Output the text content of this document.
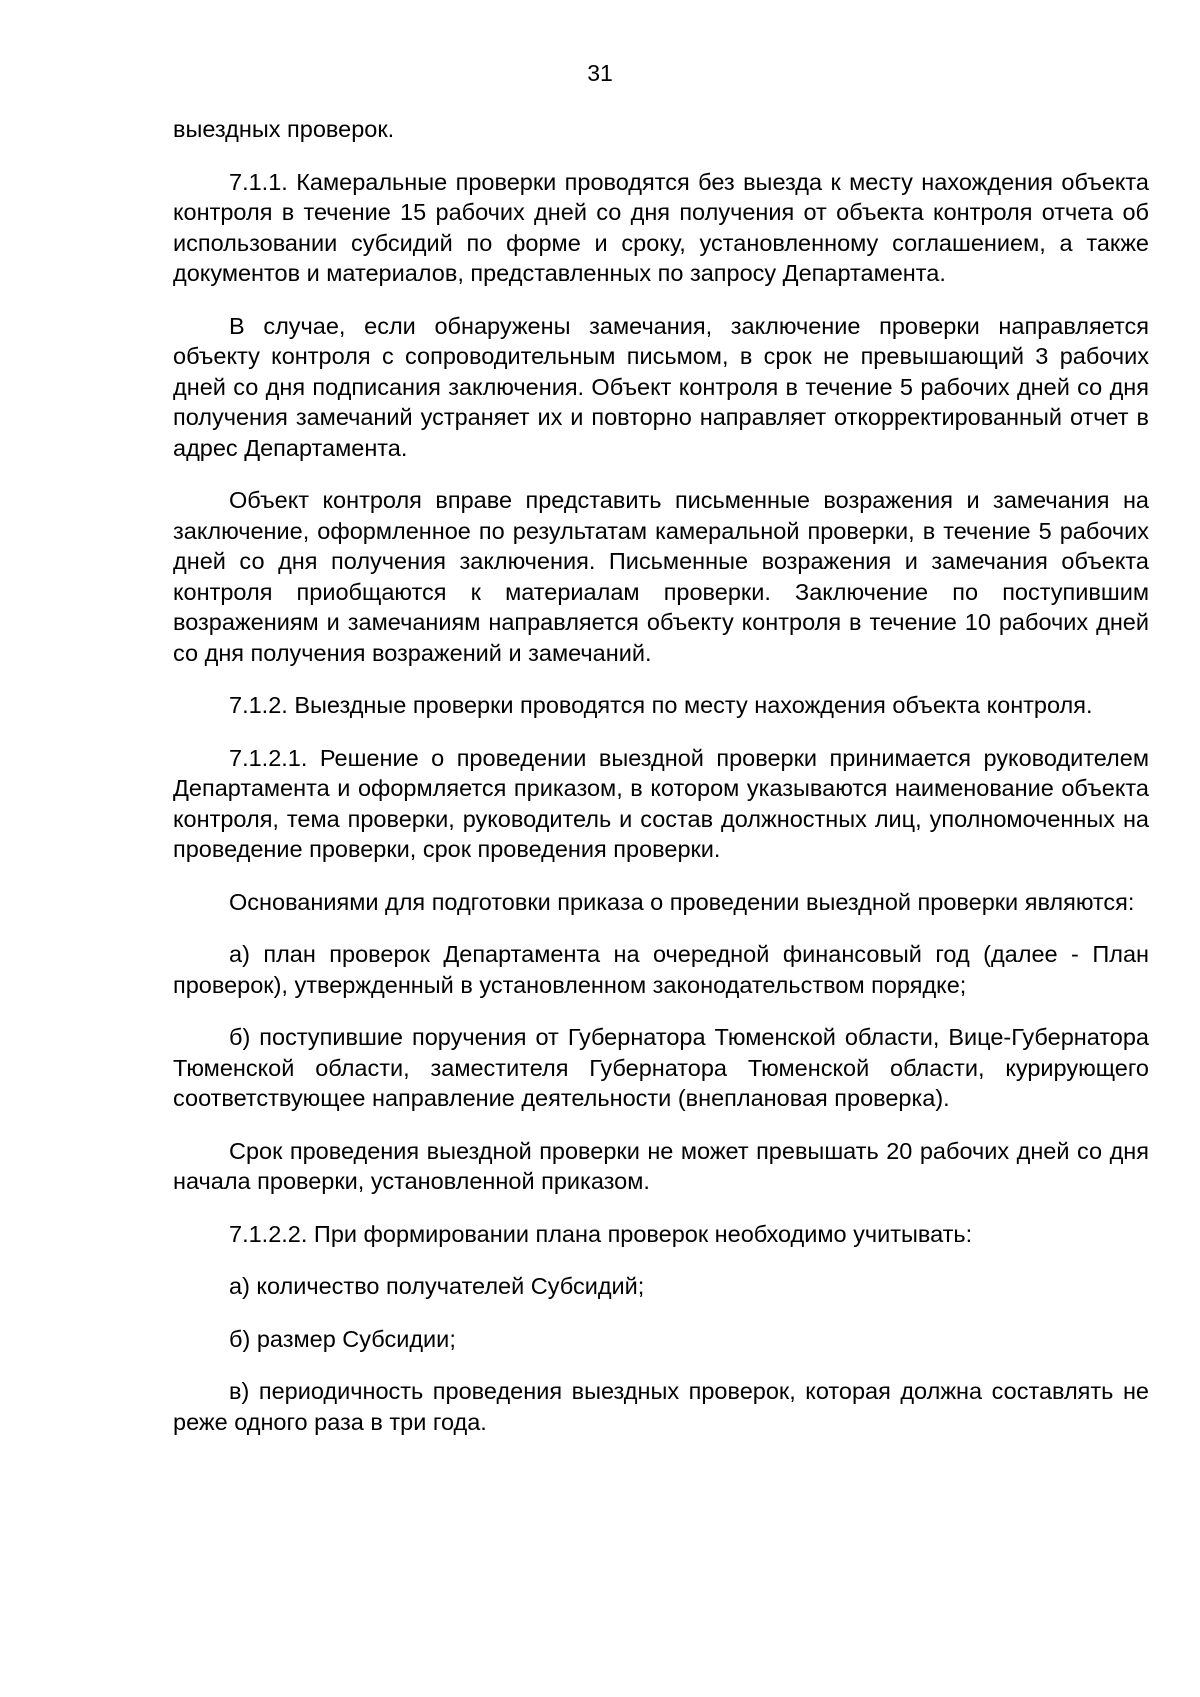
31

выездных проверок.

7.1.1. Камеральные проверки проводятся без выезда к месту нахождения объекта контроля в течение 15 рабочих дней со дня получения от объекта контроля отчета об использовании субсидий по форме и сроку, установленному соглашением, а также документов и материалов, представленных по запросу Департамента.

В случае, если обнаружены замечания, заключение проверки направляется объекту контроля с сопроводительным письмом, в срок не превышающий 3 рабочих дней со дня подписания заключения. Объект контроля в течение 5 рабочих дней со дня получения замечаний устраняет их и повторно направляет откорректированный отчет в адрес Департамента.

Объект контроля вправе представить письменные возражения и замечания на заключение, оформленное по результатам камеральной проверки, в течение 5 рабочих дней со дня получения заключения. Письменные возражения и замечания объекта контроля приобщаются к материалам проверки. Заключение по поступившим возражениям и замечаниям направляется объекту контроля в течение 10 рабочих дней со дня получения возражений и замечаний.

7.1.2. Выездные проверки проводятся по месту нахождения объекта контроля.

7.1.2.1. Решение о проведении выездной проверки принимается руководителем Департамента и оформляется приказом, в котором указываются наименование объекта контроля, тема проверки, руководитель и состав должностных лиц, уполномоченных на проведение проверки, срок проведения проверки.

Основаниями для подготовки приказа о проведении выездной проверки являются:

а) план проверок Департамента на очередной финансовый год (далее - План проверок), утвержденный в установленном законодательством порядке;

б) поступившие поручения от Губернатора Тюменской области, Вице-Губернатора Тюменской области, заместителя Губернатора Тюменской области, курирующего соответствующее направление деятельности (внеплановая проверка).

Срок проведения выездной проверки не может превышать 20 рабочих дней со дня начала проверки, установленной приказом.

7.1.2.2. При формировании плана проверок необходимо учитывать:

а) количество получателей Субсидий;

б) размер Субсидии;

в) периодичность проведения выездных проверок, которая должна составлять не реже одного раза в три года.
